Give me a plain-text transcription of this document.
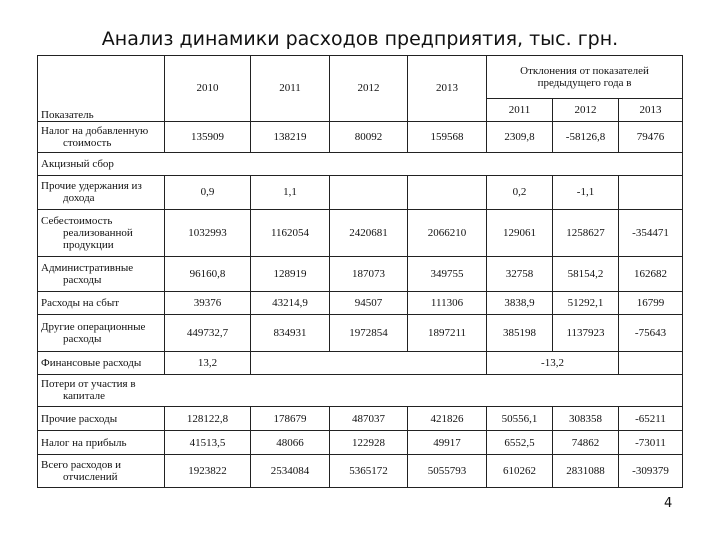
Анализ динамики расходов предприятия, тыс. грн.
Показатель	2010	2011	2012	2013	Отклонения от показателей предыдущего года в		
					2011	2012	2013

Налог на добавленную
стоимость	135909	138219	80092	159568	2309,8	-58126,8	79476
Акцизный сбор							

Прочие удержания из
дохода	0,9	1,1			0,2	-1,1	

Себестоимость
реализованной продукции	1032993	1162054	2420681	2066210	129061	1258627	-354471

Административные
расходы	96160,8	128919	187073	349755	32758	58154,2	162682
Расходы на сбыт	39376	43214,9	94507	111306	3838,9	51292,1	16799

Другие операционные
расходы	449732,7	834931	1972854	1897211	385198	1137923	-75643
Финансовые расходы	13,2				-13,2		

Потери от участия в
капитале							

Прочие расходы	128122,8	178679	487037	421826	50556,1	308358	-65211
Налог на прибыль	41513,5	48066	122928	49917	6552,5	74862	-73011

Всего расходов и
отчислений	1923822	2534084	5365172	5055793	610262	2831088	-309379
4
